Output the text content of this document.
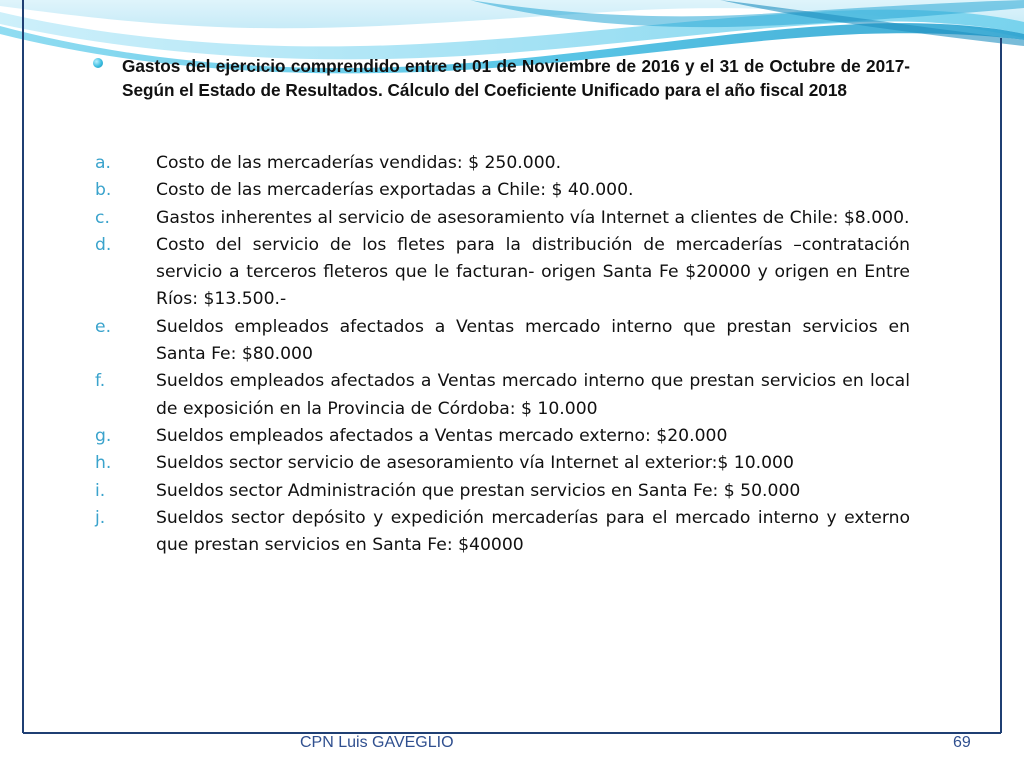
Gastos del ejercicio comprendido entre el 01 de Noviembre de 2016 y el 31 de Octubre de 2017- Según el Estado de Resultados. Cálculo del Coeficiente Unificado para el año fiscal 2018
a.	Costo de las mercaderías vendidas: $ 250.000.
b.	Costo de las mercaderías exportadas a Chile: $ 40.000.
c.	Gastos inherentes al servicio de asesoramiento vía Internet a clientes de Chile: $8.000.
d.	Costo del servicio de los fletes para la distribución de mercaderías –contratación servicio a terceros fleteros que le facturan- origen Santa Fe $20000 y origen en Entre Ríos: $13.500.-
e.	Sueldos empleados afectados a Ventas mercado interno que prestan servicios en Santa Fe: $80.000
f.	Sueldos empleados afectados a Ventas mercado interno que prestan servicios en local de exposición en la Provincia de Córdoba: $ 10.000
g.	Sueldos empleados afectados a Ventas mercado externo: $20.000
h.	Sueldos sector servicio de asesoramiento vía Internet al exterior:$ 10.000
i.	Sueldos sector Administración que prestan servicios en Santa Fe: $ 50.000
j.	Sueldos sector depósito y expedición mercaderías para el mercado interno y externo que prestan servicios en Santa Fe: $40000
CPN Luis GAVEGLIO	69
